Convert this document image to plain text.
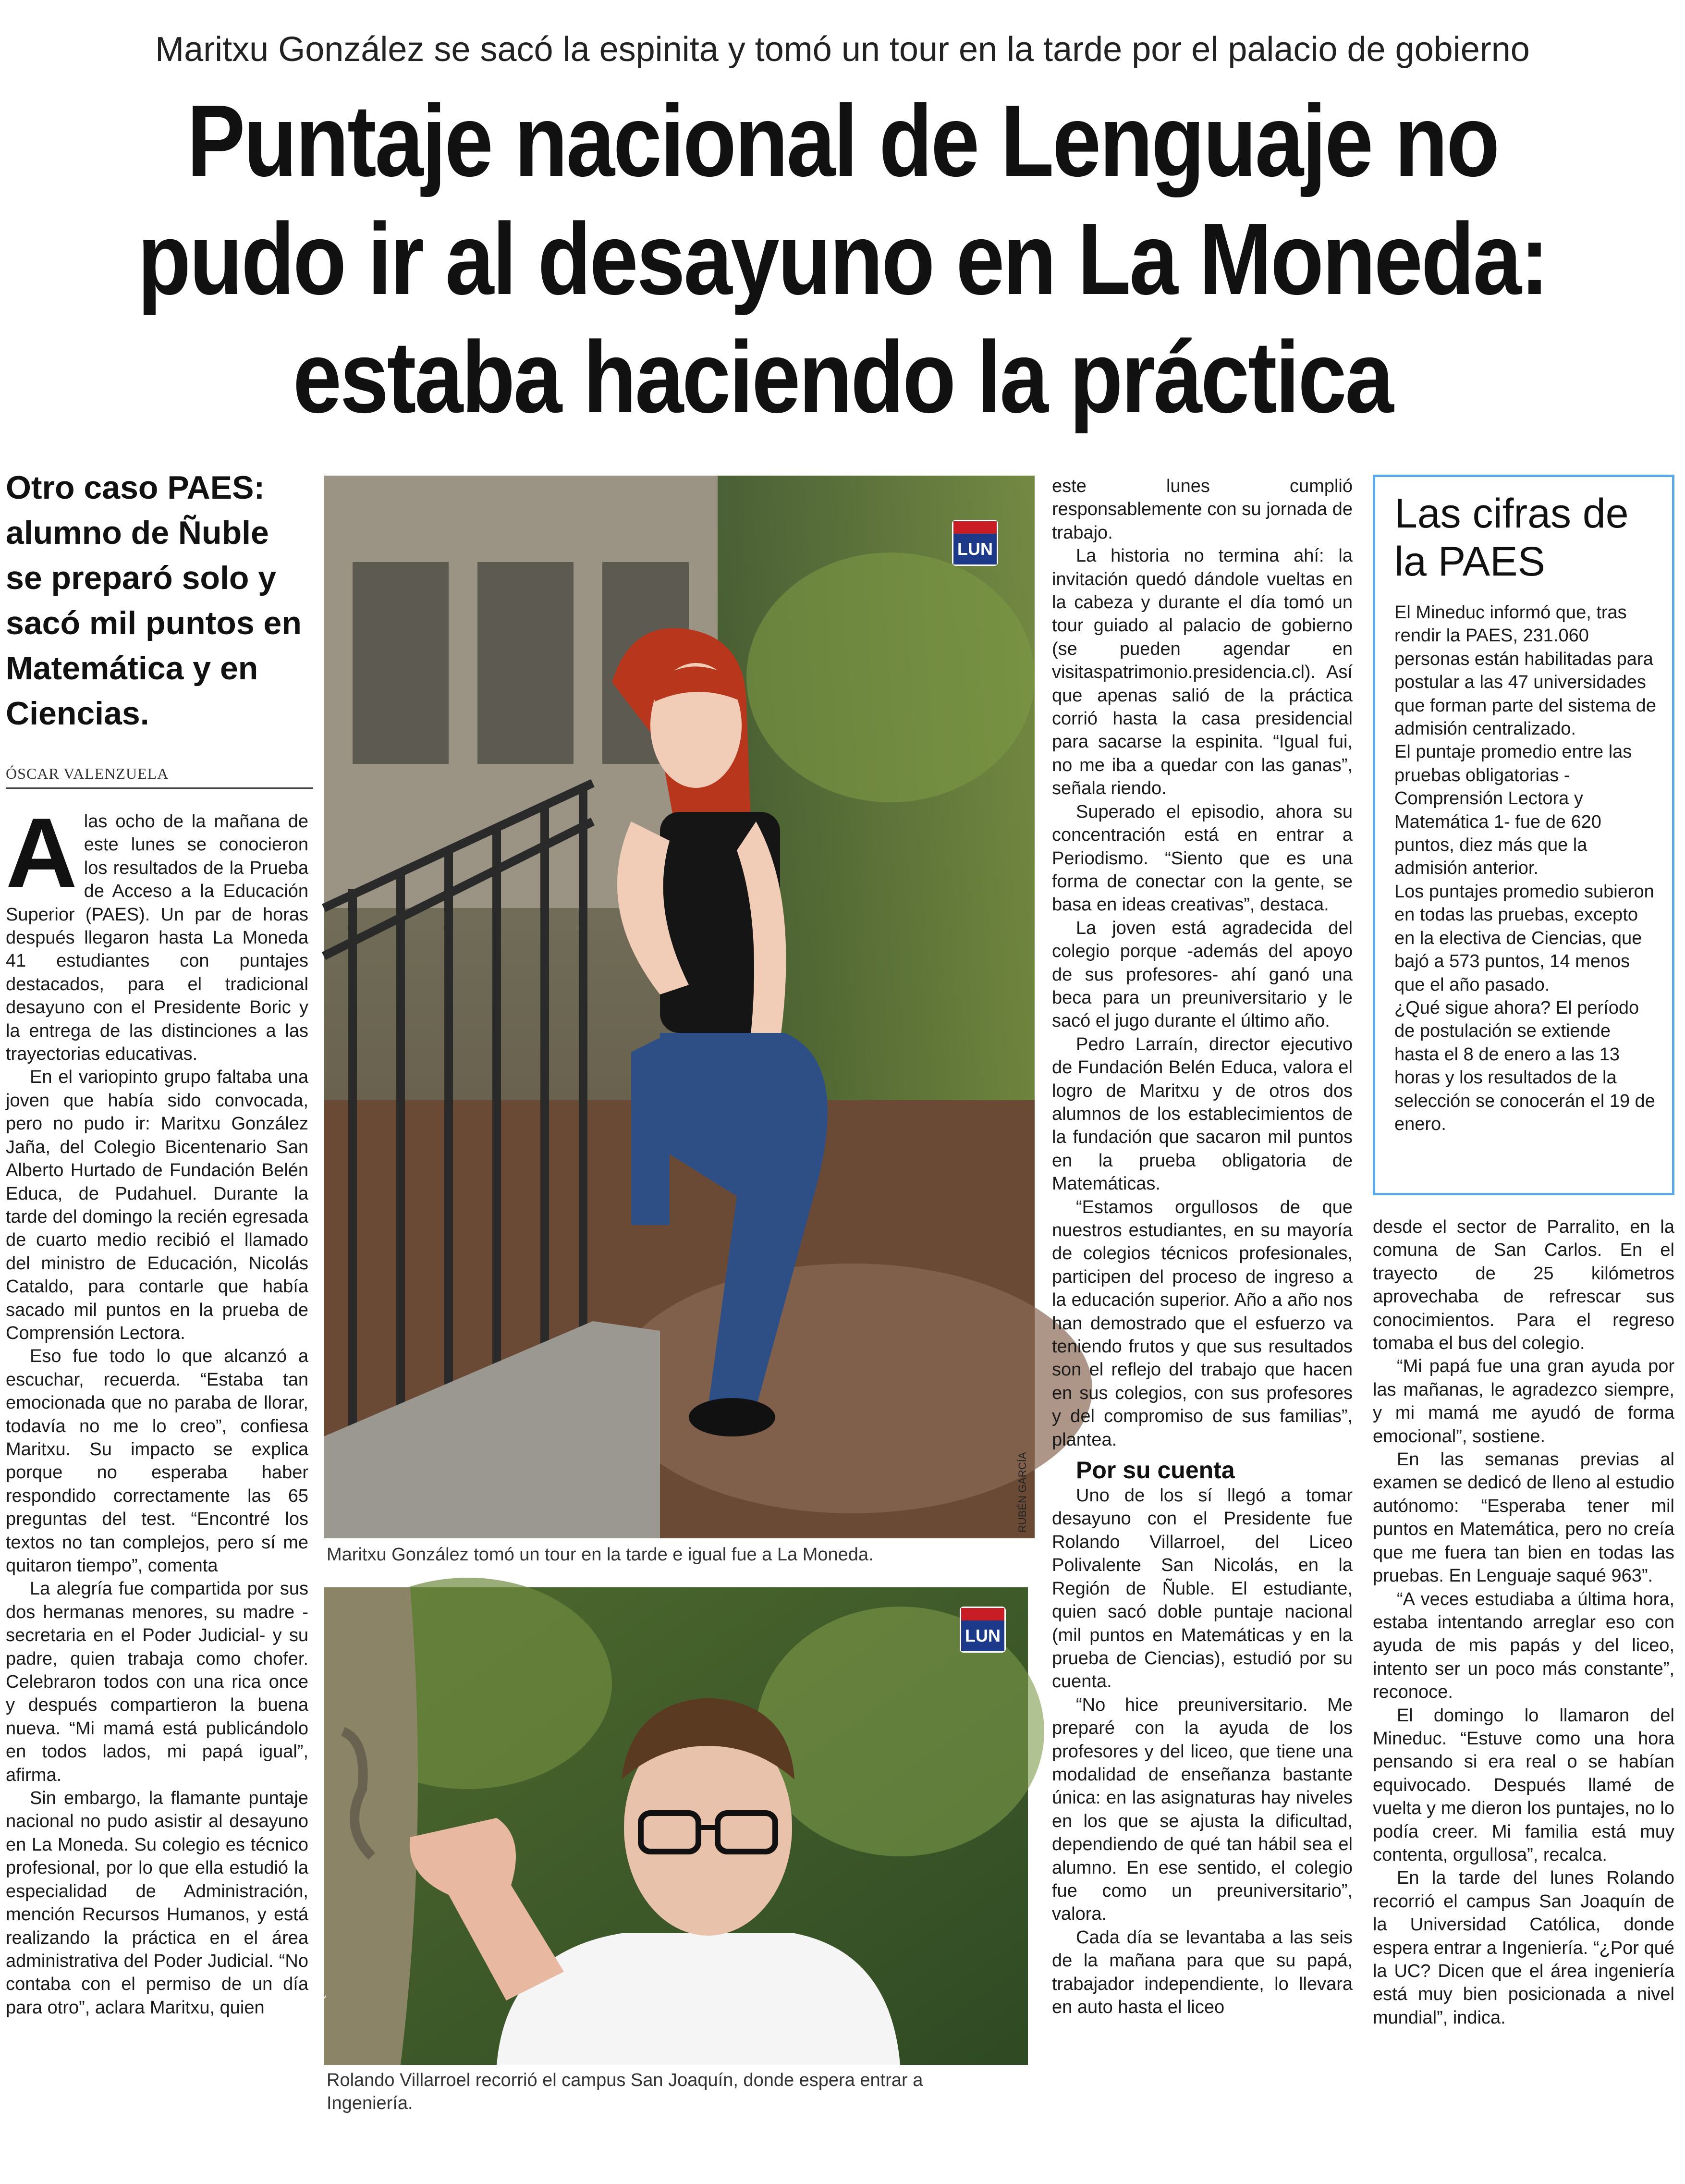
Maritxu González se sacó la espinita y tomó un tour en la tarde por el palacio de gobierno
Puntaje nacional de Lenguaje no
pudo ir al desayuno en La Moneda:
estaba haciendo la práctica
Otro caso PAES: alumno de Ñuble se preparó solo y sacó mil puntos en Matemática y en Ciencias.
ÓSCAR VALENZUELA

Alas ocho de la mañana de este lunes se conocieron los resultados de la Prueba de Acceso a la Educación Superior (PAES). Un par de horas después llegaron hasta La Moneda 41 estudiantes con puntajes destacados, para el tradicional desayuno con el Presidente Boric y la entrega de las distinciones a las trayectorias educativas.

En el variopinto grupo faltaba una joven que había sido convocada, pero no pudo ir: Maritxu González Jaña, del Colegio Bicentenario San Alberto Hurtado de Fundación Belén Educa, de Pudahuel. Durante la tarde del domingo la recién egresada de cuarto medio recibió el llamado del ministro de Educación, Nicolás Cataldo, para contarle que había sacado mil puntos en la prueba de Comprensión Lectora.

Eso fue todo lo que alcanzó a escuchar, recuerda. “Estaba tan emocionada que no paraba de llorar, todavía no me lo creo”, confiesa Maritxu. Su impacto se explica porque no esperaba haber respondido correctamente las 65 preguntas del test. “Encontré los textos no tan complejos, pero sí me quitaron tiempo”, comenta

La alegría fue compartida por sus dos hermanas menores, su madre -secretaria en el Poder Judicial- y su padre, quien trabaja como chofer. Celebraron todos con una rica once y después compartieron la buena nueva. “Mi mamá está publicándolo en todos lados, mi papá igual”, afirma.

Sin embargo, la flamante puntaje nacional no pudo asistir al desayuno en La Moneda. Su colegio es técnico profesional, por lo que ella estudió la especialidad de Administración, mención Recursos Humanos, y está realizando la práctica en el área administrativa del Poder Judicial. “No contaba con el permiso de un día para otro”, aclara Maritxu, quien

LUN
RUBÉN GARCÍA
Maritxu González tomó un tour en la tarde e igual fue a La Moneda.
LUN
MAURICIO QUEZADA
Rolando Villarroel recorrió el campus San Joaquín, donde espera entrar a Ingeniería.

este lunes cumplió responsablemente con su jornada de trabajo.

La historia no termina ahí: la invitación quedó dándole vueltas en la cabeza y durante el día tomó un tour guiado al palacio de gobierno (se pueden agendar en visitaspatrimonio.presidencia.cl). Así que apenas salió de la práctica corrió hasta la casa presidencial para sacarse la espinita. “Igual fui, no me iba a quedar con las ganas”, señala riendo.

Superado el episodio, ahora su concentración está en entrar a Periodismo. “Siento que es una forma de conectar con la gente, se basa en ideas creativas”, destaca.

La joven está agradecida del colegio porque -además del apoyo de sus profesores- ahí ganó una beca para un preuniversitario y le sacó el jugo durante el último año.

Pedro Larraín, director ejecutivo de Fundación Belén Educa, valora el logro de Maritxu y de otros dos alumnos de los establecimientos de la fundación que sacaron mil puntos en la prueba obligatoria de Matemáticas.

“Estamos orgullosos de que nuestros estudiantes, en su mayoría de colegios técnicos profesionales, participen del proceso de ingreso a la educación superior. Año a año nos han demostrado que el esfuerzo va teniendo frutos y que sus resultados son el reflejo del trabajo que hacen en sus colegios, con sus profesores y del compromiso de sus familias”, plantea.

Por su cuenta

Uno de los sí llegó a tomar desayuno con el Presidente fue Rolando Villarroel, del Liceo Polivalente San Nicolás, en la Región de Ñuble. El estudiante, quien sacó doble puntaje nacional (mil puntos en Matemáticas y en la prueba de Ciencias), estudió por su cuenta.

“No hice preuniversitario. Me preparé con la ayuda de los profesores y del liceo, que tiene una modalidad de enseñanza bastante única: en las asignaturas hay niveles en los que se ajusta la dificultad, dependiendo de qué tan hábil sea el alumno. En ese sentido, el colegio fue como un preuniversitario”, valora.

Cada día se levantaba a las seis de la mañana para que su papá, trabajador independiente, lo llevara en auto hasta el liceo

Las cifras de la PAES

El Mineduc informó que, tras rendir la PAES, 231.060 personas están habilitadas para postular a las 47 universidades que forman parte del sistema de admisión centralizado.

El puntaje promedio entre las pruebas obligatorias -Comprensión Lectora y Matemática 1- fue de 620 puntos, diez más que la admisión anterior.

Los puntajes promedio subieron en todas las pruebas, excepto en la electiva de Ciencias, que bajó a 573 puntos, 14 menos que el año pasado.

¿Qué sigue ahora? El período de postulación se extiende hasta el 8 de enero a las 13 horas y los resultados de la selección se conocerán el 19 de enero.

desde el sector de Parralito, en la comuna de San Carlos. En el trayecto de 25 kilómetros aprovechaba de refrescar sus conocimientos. Para el regreso tomaba el bus del colegio.

“Mi papá fue una gran ayuda por las mañanas, le agradezco siempre, y mi mamá me ayudó de forma emocional”, sostiene.

En las semanas previas al examen se dedicó de lleno al estudio autónomo: “Esperaba tener mil puntos en Matemática, pero no creía que me fuera tan bien en todas las pruebas. En Lenguaje saqué 963”.

“A veces estudiaba a última hora, estaba intentando arreglar eso con ayuda de mis papás y del liceo, intento ser un poco más constante”, reconoce.

El domingo lo llamaron del Mineduc. “Estuve como una hora pensando si era real o se habían equivocado. Después llamé de vuelta y me dieron los puntajes, no lo podía creer. Mi familia está muy contenta, orgullosa”, recalca.

En la tarde del lunes Rolando recorrió el campus San Joaquín de la Universidad Católica, donde espera entrar a Ingeniería. “¿Por qué la UC? Dicen que el área ingeniería está muy bien posicionada a nivel mundial”, indica.
